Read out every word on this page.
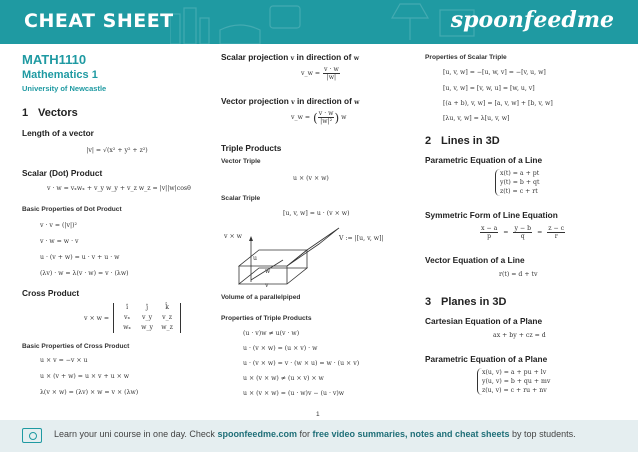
CHEAT SHEET	spoonfeedme
MATH1110
Mathematics 1
University of Newcastle
1 Vectors
Length of a vector
|v| = √(x² + y² + z²)
Scalar (Dot) Product
v · w = vₓwₓ + v_y w_y + v_z w_z = |v||w|cosθ
Basic Properties of Dot Product
v · v = (|v|)²
v · w = w · v
u · (v + w) = u · v + u · w
(λv) · w = λ(v · w) = v · (λw)
Cross Product
v × w =
î	ĵ	k̂
vₓ	v_y	v_z
wₓ	w_y	w_z
Basic Properties of Cross Product
u × v = −v × u
u × (v + w) = u × v + u × w
λ(v × w) = (λv) × w = v × (λw)
Scalar projection v in direction of w
v_w = $\frac{v \cdot w}{|w|}$
Vector projection v in direction of w
v_w = ( $\frac{v \cdot w}{\text{|w|²}}$ ) w
Triple Products
Vector Triple
u × (v × w)
Scalar Triple
[u, v, w] = u · (v × w)
v × w
u
w
v
V := |[u, v, w]|
Volume of a parallelpiped
Properties of Triple Products
(u · v)w ≠ u(v · w)
u · (v × w) = (u × v) · w
u · (v × w) = v · (w × u) = w · (u × v)
u × (v × w) ≠ (u × v) × w
u × (v × w) = (u · w)v − (u · v)w
Properties of Scalar Triple
[u, v, w] = −[u, w, v] = −[v, u, w]
[u, v, w] = [v, w, u] = [w, u, v]
[(a + b), v, w] = [a, v, w] + [b, v, w]
[λu, v, w] = λ[u, v, w]
2 Lines in 3D
Parametric Equation of a Line
x(t) = a + pt
y(t) = b + qt
z(t) = c + rt
Symmetric Form of Line Equation
$\frac{x - a}{p} = \frac{y - b}{q} = \frac{z - c}{r}$
Vector Equation of a Line
r(t) = d + tv
3 Planes in 3D
Cartesian Equation of a Plane
ax + by + cz = d
Parametric Equation of a Plane
x(u, v) = a + pu + lv
y(u, v) = b + qu + mv
z(u, v) = c + ru + nv
1
Learn your uni course in one day. Check spoonfeedme.com for free video summaries, notes and cheat sheets by top students.
